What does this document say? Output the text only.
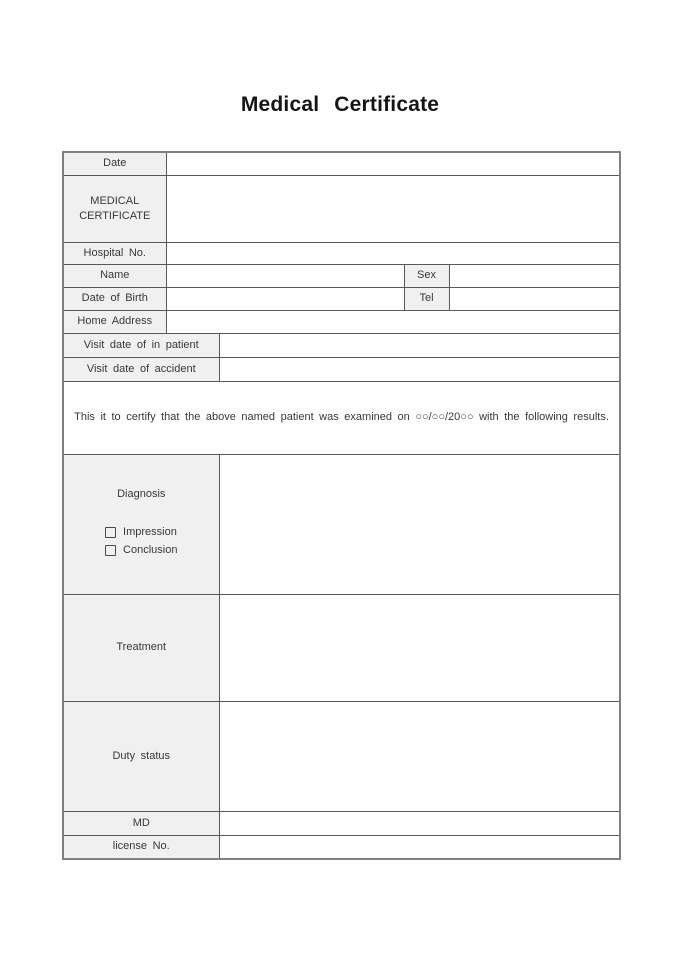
Medical Certificate
Date				
MEDICAL CERTIFICATE				
Hospital No.				
Name			Sex	
Date of Birth			Tel	
Home Address				
Visit date of in patient				
Visit date of accident				
This it to certify that the above named patient was examined on ○○/○○/20○○ with the following results.				

Diagnosis
Impression
Conclusion				

Treatment				
Duty status				
MD				
license No.				
